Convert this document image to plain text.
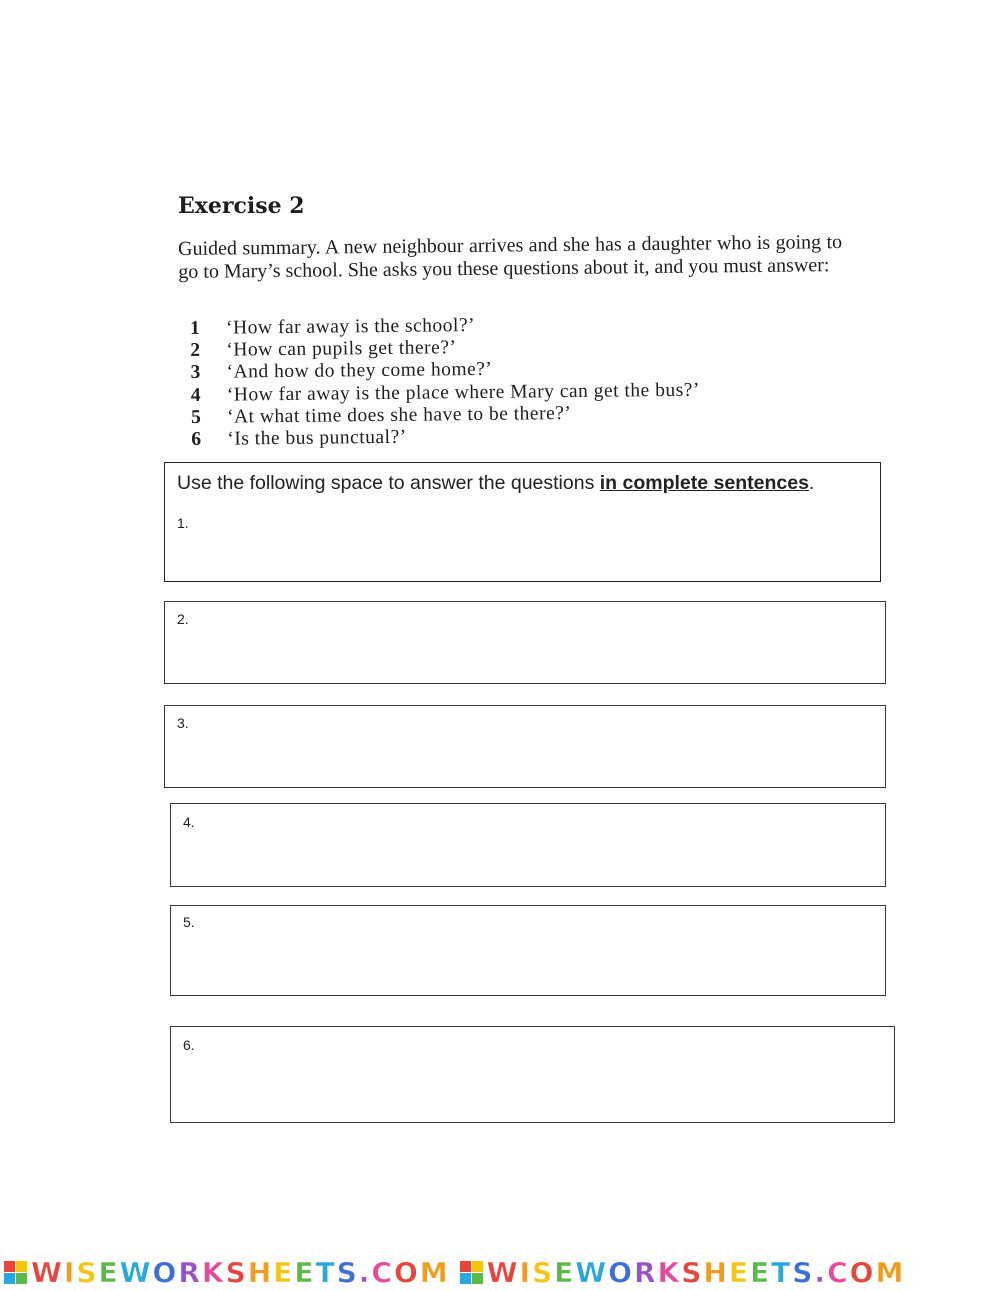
Exercise 2
Guided summary. A new neighbour arrives and she has a daughter who is going to go to Mary’s school. She asks you these questions about it, and you must answer:
1	‘How far away is the school?’
2	‘How can pupils get there?’
3	‘And how do they come home?’
4	‘How far away is the place where Mary can get the bus?’
5	‘At what time does she have to be there?’
6	‘Is the bus punctual?’
Use the following space to answer the questions in complete sentences.
1.
2.
3.
4.
5.
6.
WISEWORKSHEETS.COM WISEWORKSHEETS.COM
